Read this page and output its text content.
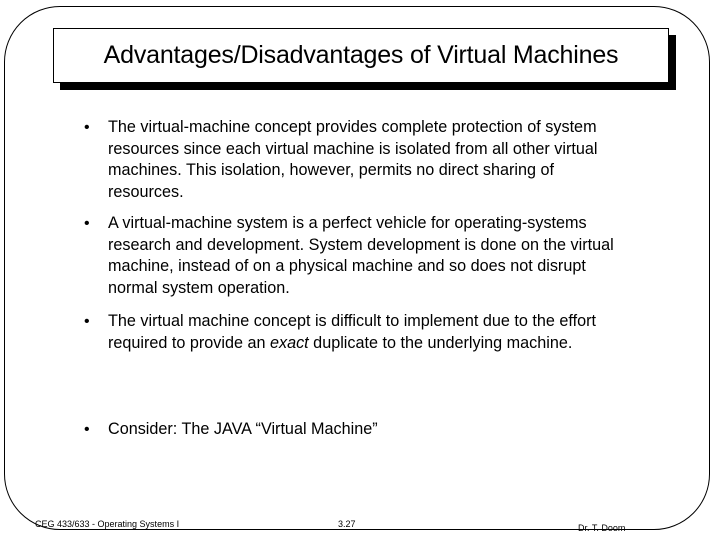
Advantages/Disadvantages of Virtual Machines
• The virtual-machine concept provides complete protection of system resources since each virtual machine is isolated from all other virtual machines. This isolation, however, permits no direct sharing of resources.
• A virtual-machine system is a perfect vehicle for operating-systems research and development. System development is done on the virtual machine, instead of on a physical machine and so does not disrupt normal system operation.
• The virtual machine concept is difficult to implement due to the effort required to provide an exact duplicate to the underlying machine.
• Consider: The JAVA “Virtual Machine”
CEG 433/633 - Operating Systems I	3.27	Dr. T. Doom
